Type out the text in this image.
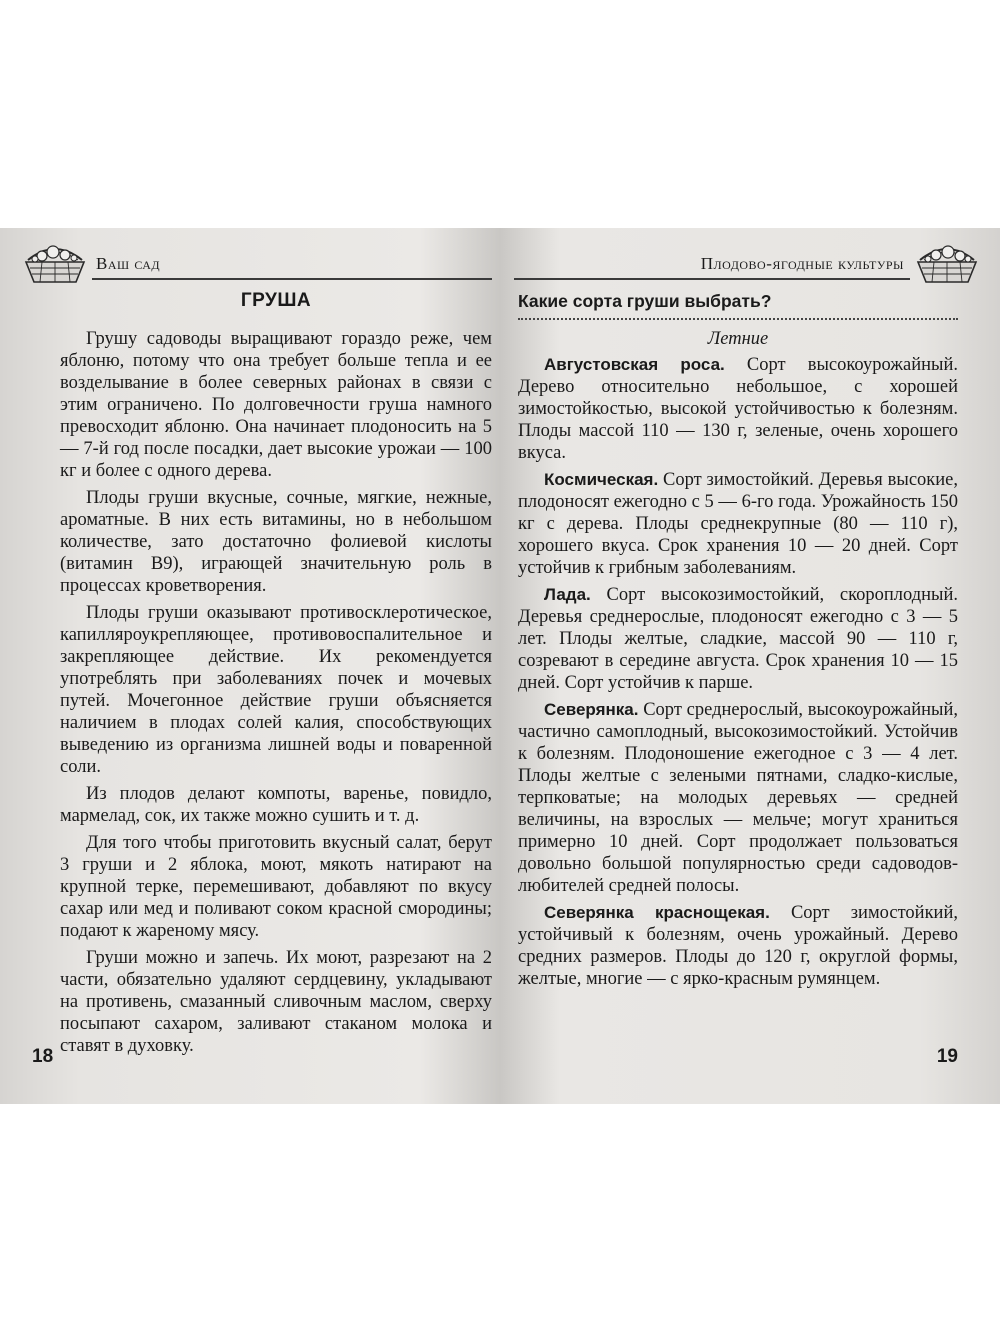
Ваш сад
ГРУША

Грушу садоводы выращивают гораздо реже, чем яблоню, потому что она требует больше тепла и ее возделывание в более северных районах в связи с этим ограничено. По долговечности груша намного превосходит яблоню. Она начинает плодоносить на 5 — 7-й год после посадки, дает высокие урожаи — 100 кг и более с одного дерева.

Плоды груши вкусные, сочные, мягкие, нежные, ароматные. В них есть витамины, но в небольшом количестве, зато достаточно фолиевой кислоты (витамин В9), играющей значительную роль в процессах кроветворения.

Плоды груши оказывают противосклеротическое, капилляроукрепляющее, противовоспалительное и закрепляющее действие. Их рекомендуется употреблять при заболеваниях почек и мочевых путей. Мочегонное действие груши объясняется наличием в плодах солей калия, способствующих выведению из организма лишней воды и поваренной соли.

Из плодов делают компоты, варенье, повидло, мармелад, сок, их также можно сушить и т. д.

Для того чтобы приготовить вкусный салат, берут 3 груши и 2 яблока, моют, мякоть натирают на крупной терке, перемешивают, добавляют по вкусу сахар или мед и поливают соком красной смородины; подают к жареному мясу.

Груши можно и запечь. Их моют, разрезают на 2 части, обязательно удаляют сердцевину, укладывают на противень, смазанный сливочным маслом, сверху посыпают сахаром, заливают стаканом молока и ставят в духовку.

18
Плодово-ягодные культуры
Какие сорта груши выбрать?
Летние

Августовская роса. Сорт высокоурожайный. Дерево относительно небольшое, с хорошей зимостойкостью, высокой устойчивостью к болезням. Плоды массой 110 — 130 г, зеленые, очень хорошего вкуса.

Космическая. Сорт зимостойкий. Деревья высокие, плодоносят ежегодно с 5 — 6-го года. Урожайность 150 кг с дерева. Плоды среднекрупные (80 — 110 г), хорошего вкуса. Срок хранения 10 — 20 дней. Сорт устойчив к грибным заболеваниям.

Лада. Сорт высокозимостойкий, скороплодный. Деревья среднерослые, плодоносят ежегодно с 3 — 5 лет. Плоды желтые, сладкие, массой 90 — 110 г, созревают в середине августа. Срок хранения 10 — 15 дней. Сорт устойчив к парше.

Северянка. Сорт среднерослый, высокоурожайный, частично самоплодный, высокозимостойкий. Устойчив к болезням. Плодоношение ежегодное с 3 — 4 лет. Плоды желтые с зелеными пятнами, сладко-кислые, терпковатые; на молодых деревьях — средней величины, на взрослых — мельче; могут храниться примерно 10 дней. Сорт продолжает пользоваться довольно большой популярностью среди садоводов-любителей средней полосы.

Северянка краснощекая. Сорт зимостойкий, устойчивый к болезням, очень урожайный. Дерево средних размеров. Плоды до 120 г, округлой формы, желтые, многие — с ярко-красным румянцем.

19
